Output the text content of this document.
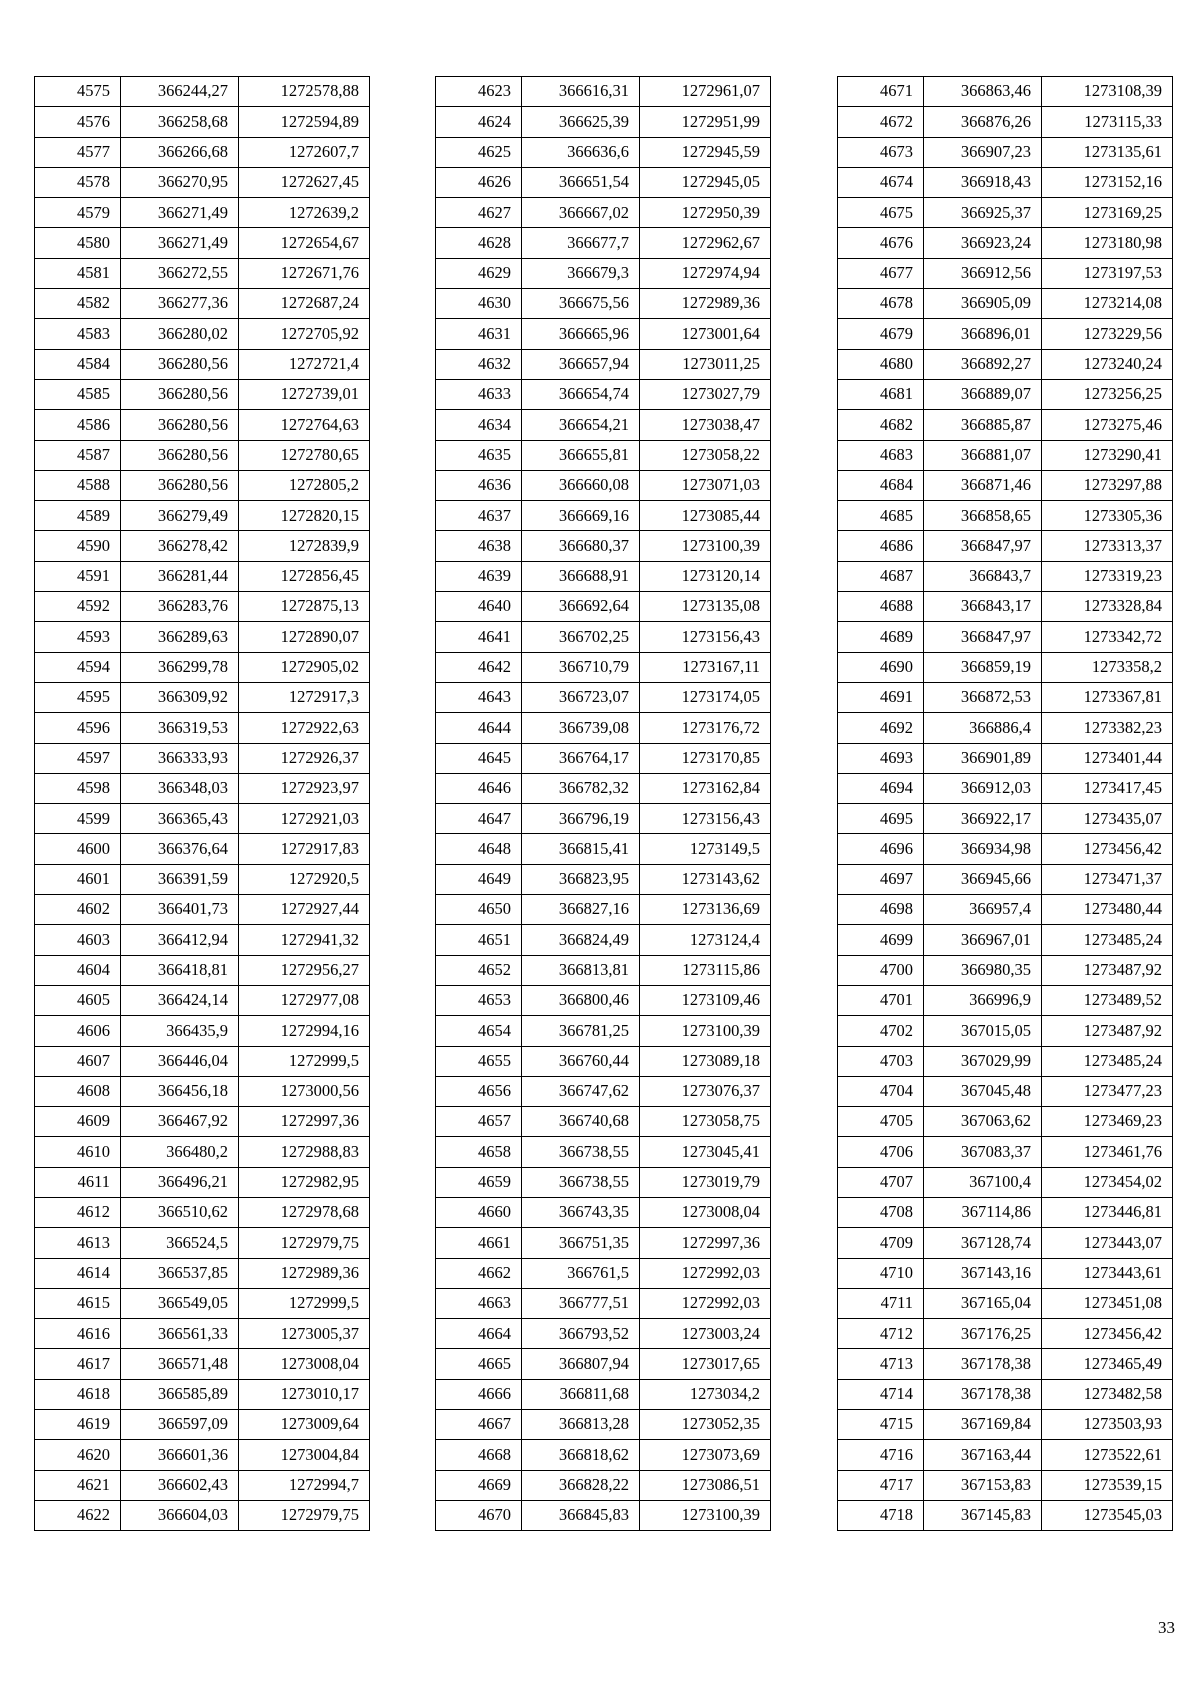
4575	366244,27	1272578,88
4576	366258,68	1272594,89
4577	366266,68	1272607,7
4578	366270,95	1272627,45
4579	366271,49	1272639,2
4580	366271,49	1272654,67
4581	366272,55	1272671,76
4582	366277,36	1272687,24
4583	366280,02	1272705,92
4584	366280,56	1272721,4
4585	366280,56	1272739,01
4586	366280,56	1272764,63
4587	366280,56	1272780,65
4588	366280,56	1272805,2
4589	366279,49	1272820,15
4590	366278,42	1272839,9
4591	366281,44	1272856,45
4592	366283,76	1272875,13
4593	366289,63	1272890,07
4594	366299,78	1272905,02
4595	366309,92	1272917,3
4596	366319,53	1272922,63
4597	366333,93	1272926,37
4598	366348,03	1272923,97
4599	366365,43	1272921,03
4600	366376,64	1272917,83
4601	366391,59	1272920,5
4602	366401,73	1272927,44
4603	366412,94	1272941,32
4604	366418,81	1272956,27
4605	366424,14	1272977,08
4606	366435,9	1272994,16
4607	366446,04	1272999,5
4608	366456,18	1273000,56
4609	366467,92	1272997,36
4610	366480,2	1272988,83
4611	366496,21	1272982,95
4612	366510,62	1272978,68
4613	366524,5	1272979,75
4614	366537,85	1272989,36
4615	366549,05	1272999,5
4616	366561,33	1273005,37
4617	366571,48	1273008,04
4618	366585,89	1273010,17
4619	366597,09	1273009,64
4620	366601,36	1273004,84
4621	366602,43	1272994,7
4622	366604,03	1272979,75
4623	366616,31	1272961,07
4624	366625,39	1272951,99
4625	366636,6	1272945,59
4626	366651,54	1272945,05
4627	366667,02	1272950,39
4628	366677,7	1272962,67
4629	366679,3	1272974,94
4630	366675,56	1272989,36
4631	366665,96	1273001,64
4632	366657,94	1273011,25
4633	366654,74	1273027,79
4634	366654,21	1273038,47
4635	366655,81	1273058,22
4636	366660,08	1273071,03
4637	366669,16	1273085,44
4638	366680,37	1273100,39
4639	366688,91	1273120,14
4640	366692,64	1273135,08
4641	366702,25	1273156,43
4642	366710,79	1273167,11
4643	366723,07	1273174,05
4644	366739,08	1273176,72
4645	366764,17	1273170,85
4646	366782,32	1273162,84
4647	366796,19	1273156,43
4648	366815,41	1273149,5
4649	366823,95	1273143,62
4650	366827,16	1273136,69
4651	366824,49	1273124,4
4652	366813,81	1273115,86
4653	366800,46	1273109,46
4654	366781,25	1273100,39
4655	366760,44	1273089,18
4656	366747,62	1273076,37
4657	366740,68	1273058,75
4658	366738,55	1273045,41
4659	366738,55	1273019,79
4660	366743,35	1273008,04
4661	366751,35	1272997,36
4662	366761,5	1272992,03
4663	366777,51	1272992,03
4664	366793,52	1273003,24
4665	366807,94	1273017,65
4666	366811,68	1273034,2
4667	366813,28	1273052,35
4668	366818,62	1273073,69
4669	366828,22	1273086,51
4670	366845,83	1273100,39
4671	366863,46	1273108,39
4672	366876,26	1273115,33
4673	366907,23	1273135,61
4674	366918,43	1273152,16
4675	366925,37	1273169,25
4676	366923,24	1273180,98
4677	366912,56	1273197,53
4678	366905,09	1273214,08
4679	366896,01	1273229,56
4680	366892,27	1273240,24
4681	366889,07	1273256,25
4682	366885,87	1273275,46
4683	366881,07	1273290,41
4684	366871,46	1273297,88
4685	366858,65	1273305,36
4686	366847,97	1273313,37
4687	366843,7	1273319,23
4688	366843,17	1273328,84
4689	366847,97	1273342,72
4690	366859,19	1273358,2
4691	366872,53	1273367,81
4692	366886,4	1273382,23
4693	366901,89	1273401,44
4694	366912,03	1273417,45
4695	366922,17	1273435,07
4696	366934,98	1273456,42
4697	366945,66	1273471,37
4698	366957,4	1273480,44
4699	366967,01	1273485,24
4700	366980,35	1273487,92
4701	366996,9	1273489,52
4702	367015,05	1273487,92
4703	367029,99	1273485,24
4704	367045,48	1273477,23
4705	367063,62	1273469,23
4706	367083,37	1273461,76
4707	367100,4	1273454,02
4708	367114,86	1273446,81
4709	367128,74	1273443,07
4710	367143,16	1273443,61
4711	367165,04	1273451,08
4712	367176,25	1273456,42
4713	367178,38	1273465,49
4714	367178,38	1273482,58
4715	367169,84	1273503,93
4716	367163,44	1273522,61
4717	367153,83	1273539,15
4718	367145,83	1273545,03
33
